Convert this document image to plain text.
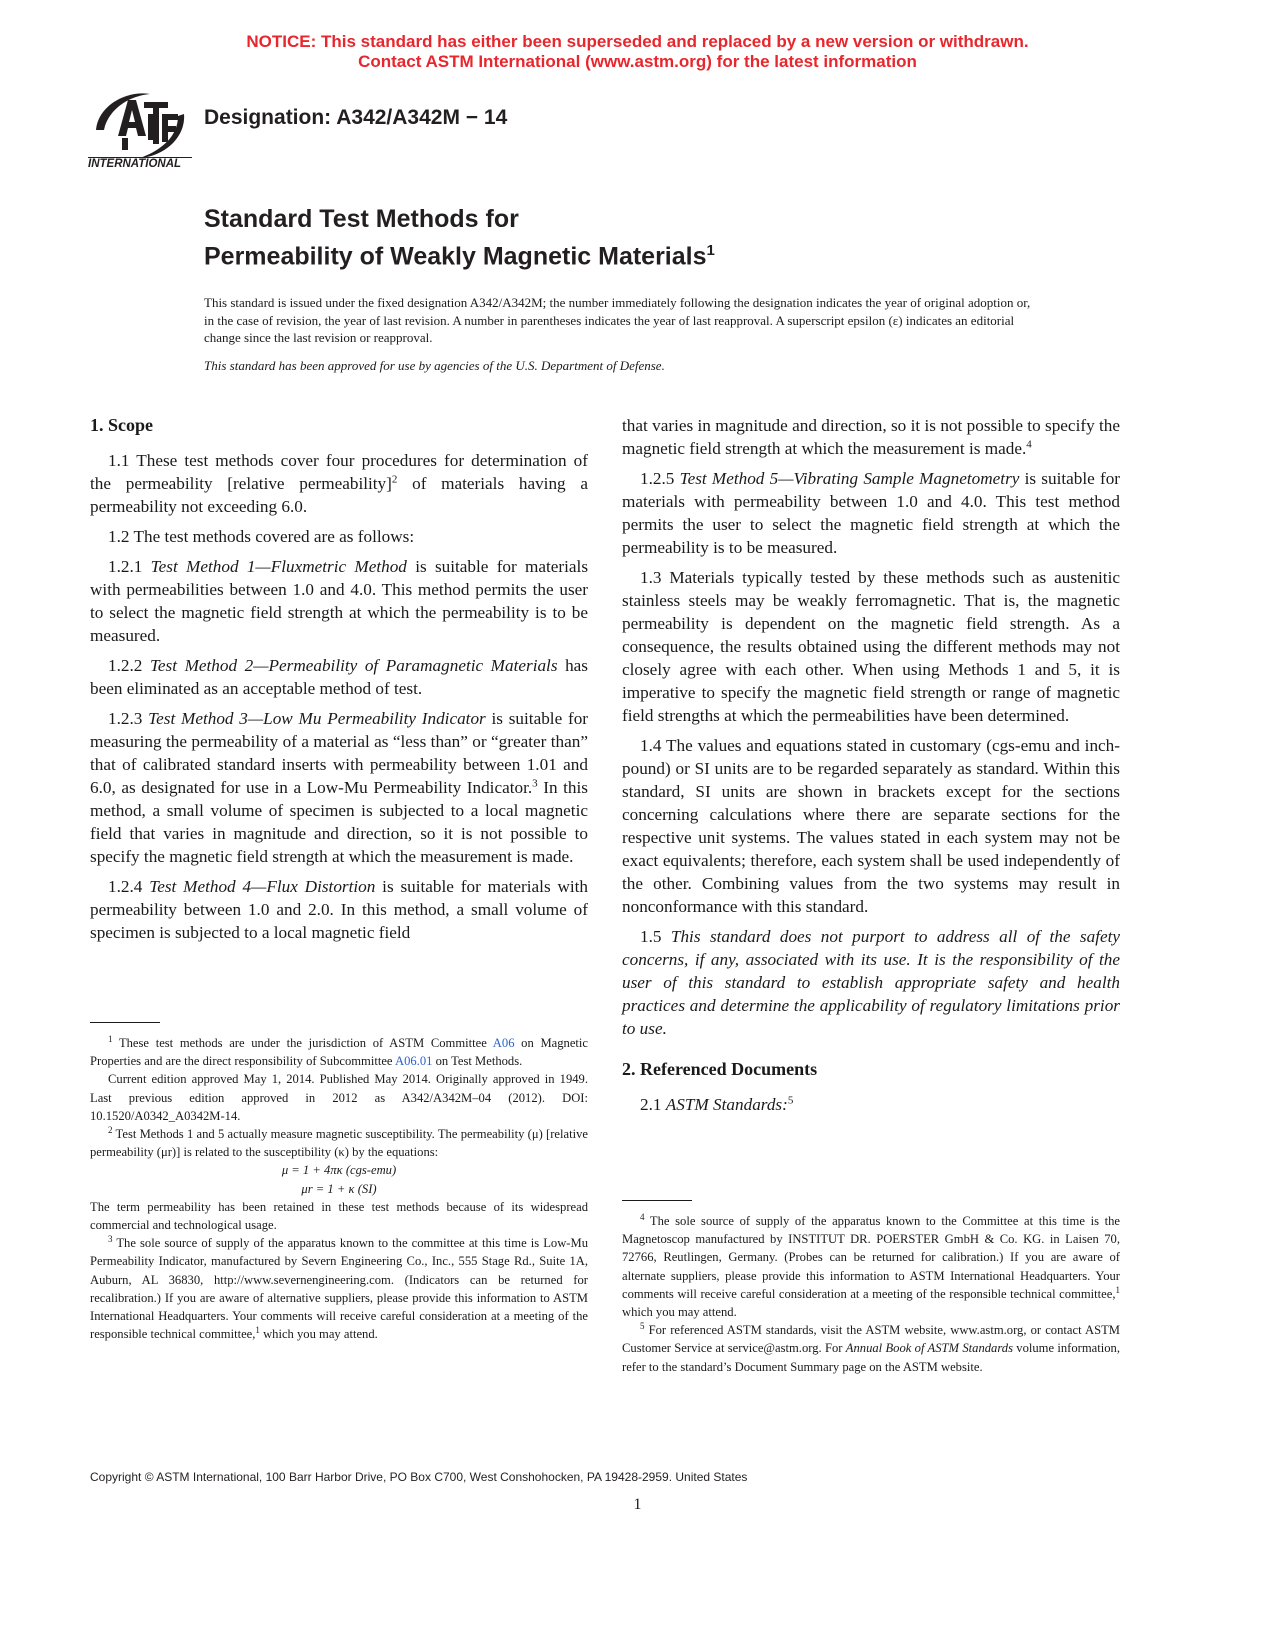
NOTICE: This standard has either been superseded and replaced by a new version or withdrawn.
Contact ASTM International (www.astm.org) for the latest information
INTERNATIONAL
Designation: A342/A342M − 14
Standard Test Methods for
Permeability of Weakly Magnetic Materials$^1$
This standard is issued under the fixed designation A342/A342M; the number immediately following the designation indicates the year of original adoption or, in the case of revision, the year of last revision. A number in parentheses indicates the year of last reapproval. A superscript epsilon (ε) indicates an editorial change since the last revision or reapproval.
This standard has been approved for use by agencies of the U.S. Department of Defense.
1. Scope

1.1 These test methods cover four procedures for determination of the permeability [relative permeability]$^2$ of materials having a permeability not exceeding 6.0.

1.2 The test methods covered are as follows:

1.2.1 Test Method 1—Fluxmetric Method is suitable for materials with permeabilities between 1.0 and 4.0. This method permits the user to select the magnetic field strength at which the permeability is to be measured.

1.2.2 Test Method 2—Permeability of Paramagnetic Materials has been eliminated as an acceptable method of test.

1.2.3 Test Method 3—Low Mu Permeability Indicator is suitable for measuring the permeability of a material as “less than” or “greater than” that of calibrated standard inserts with permeability between 1.01 and 6.0, as designated for use in a Low-Mu Permeability Indicator.$^3$ In this method, a small volume of specimen is subjected to a local magnetic field that varies in magnitude and direction, so it is not possible to specify the magnetic field strength at which the measurement is made.

1.2.4 Test Method 4—Flux Distortion is suitable for materials with permeability between 1.0 and 2.0. In this method, a small volume of specimen is subjected to a local magnetic field

that varies in magnitude and direction, so it is not possible to specify the magnetic field strength at which the measurement is made.$^4$

1.2.5 Test Method 5—Vibrating Sample Magnetometry is suitable for materials with permeability between 1.0 and 4.0. This test method permits the user to select the magnetic field strength at which the permeability is to be measured.

1.3 Materials typically tested by these methods such as austenitic stainless steels may be weakly ferromagnetic. That is, the magnetic permeability is dependent on the magnetic field strength. As a consequence, the results obtained using the different methods may not closely agree with each other. When using Methods 1 and 5, it is imperative to specify the magnetic field strength or range of magnetic field strengths at which the permeabilities have been determined.

1.4 The values and equations stated in customary (cgs-emu and inch-pound) or SI units are to be regarded separately as standard. Within this standard, SI units are shown in brackets except for the sections concerning calculations where there are separate sections for the respective unit systems. The values stated in each system may not be exact equivalents; therefore, each system shall be used independently of the other. Combining values from the two systems may result in nonconformance with this standard.

1.5 This standard does not purport to address all of the safety concerns, if any, associated with its use. It is the responsibility of the user of this standard to establish appropriate safety and health practices and determine the applicability of regulatory limitations prior to use.

2. Referenced Documents

2.1 ASTM Standards:$^5$

$^1$ These test methods are under the jurisdiction of ASTM Committee A06 on Magnetic Properties and are the direct responsibility of Subcommittee A06.01 on Test Methods.

Current edition approved May 1, 2014. Published May 2014. Originally approved in 1949. Last previous edition approved in 2012 as A342/A342M–04 (2012). DOI: 10.1520/A0342_A0342M-14.

$^2$ Test Methods 1 and 5 actually measure magnetic susceptibility. The permeability (μ) [relative permeability (μr)] is related to the susceptibility (κ) by the equations:

μ = 1 + 4πκ (cgs-emu)

μr = 1 + κ (SI)

The term permeability has been retained in these test methods because of its widespread commercial and technological usage.

$^3$ The sole source of supply of the apparatus known to the committee at this time is Low-Mu Permeability Indicator, manufactured by Severn Engineering Co., Inc., 555 Stage Rd., Suite 1A, Auburn, AL 36830, http://www.severnengineering.com. (Indicators can be returned for recalibration.) If you are aware of alternative suppliers, please provide this information to ASTM International Headquarters. Your comments will receive careful consideration at a meeting of the responsible technical committee,$^1$ which you may attend.

$^4$ The sole source of supply of the apparatus known to the Committee at this time is the Magnetoscop manufactured by INSTITUT DR. POERSTER GmbH & Co. KG. in Laisen 70, 72766, Reutlingen, Germany. (Probes can be returned for calibration.) If you are aware of alternate suppliers, please provide this information to ASTM International Headquarters. Your comments will receive careful consideration at a meeting of the responsible technical committee,$^1$ which you may attend.

$^5$ For referenced ASTM standards, visit the ASTM website, www.astm.org, or contact ASTM Customer Service at service@astm.org. For Annual Book of ASTM Standards volume information, refer to the standard’s Document Summary page on the ASTM website.

Copyright © ASTM International, 100 Barr Harbor Drive, PO Box C700, West Conshohocken, PA 19428-2959. United States
1
